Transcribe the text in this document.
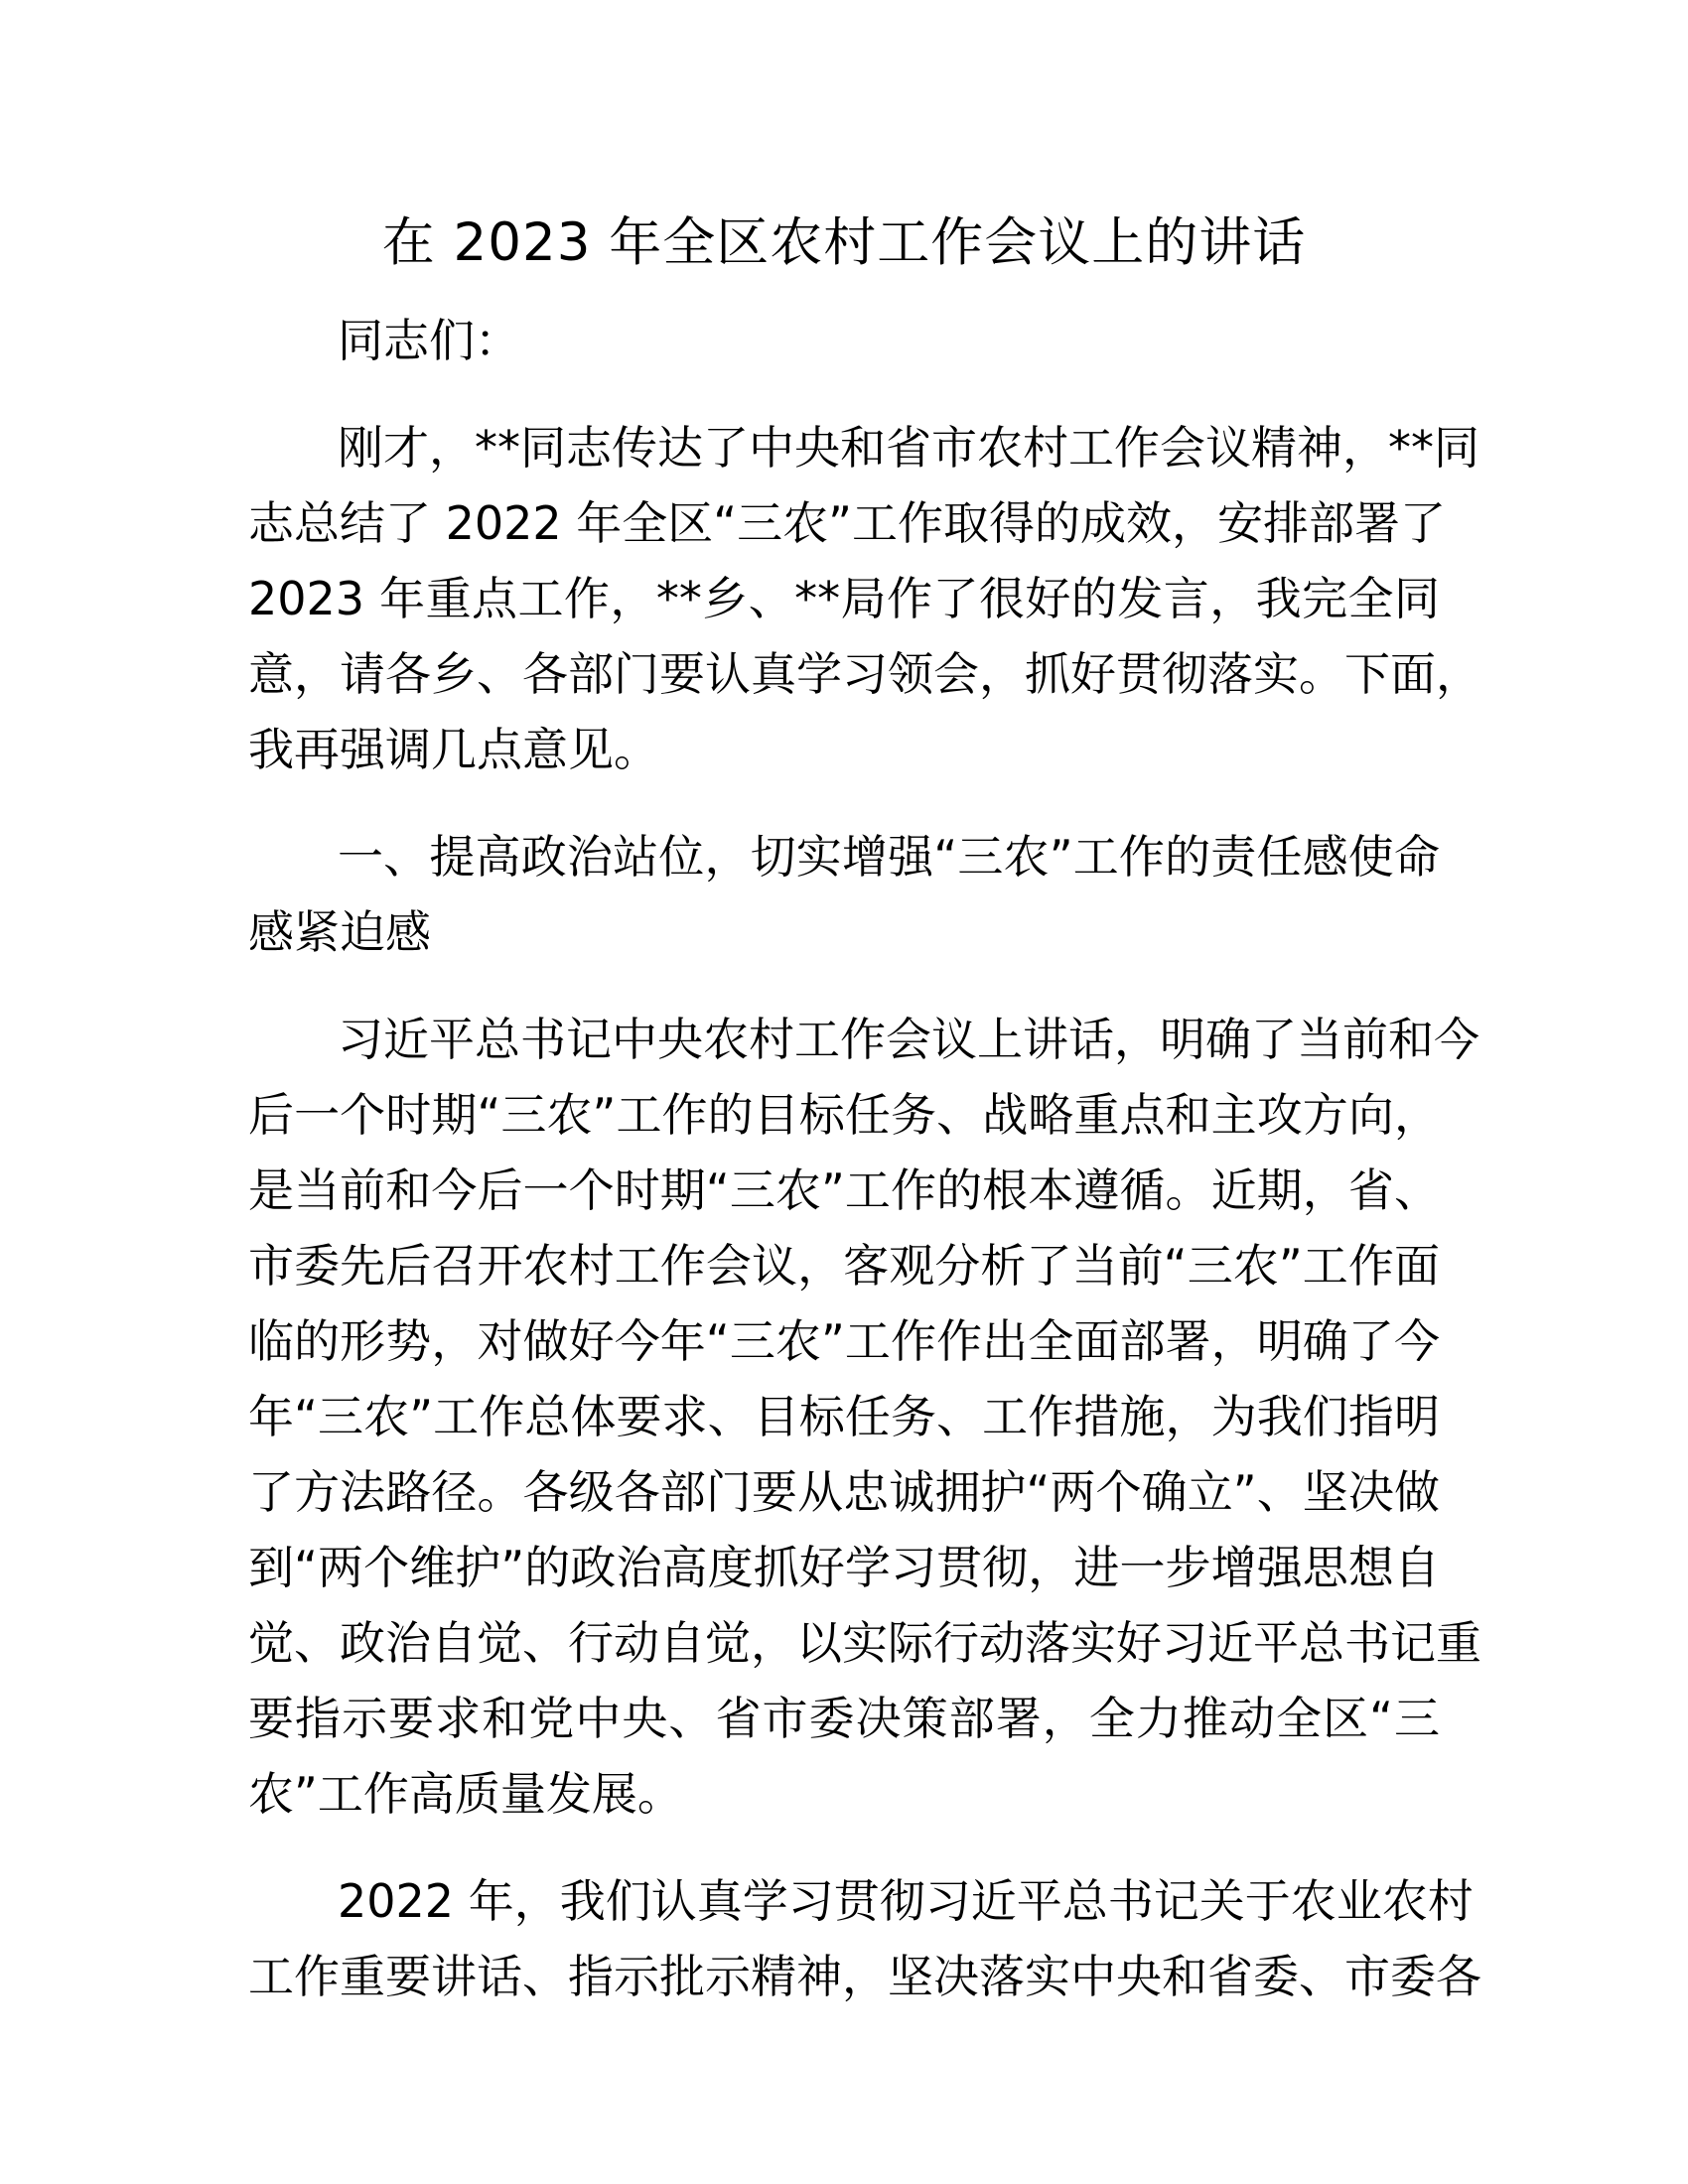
在 2023 年全区农村工作会议上的讲话
同志们：
刚才，**同志传达了中央和省市农村工作会议精神，**同
志总结了 2022 年全区“三农”工作取得的成效，安排部署了
2023 年重点工作，**乡、**局作了很好的发言，我完全同
意，请各乡、各部门要认真学习领会，抓好贯彻落实。下面，
我再强调几点意见。
一、提高政治站位，切实增强“三农”工作的责任感使命
感紧迫感
习近平总书记中央农村工作会议上讲话，明确了当前和今
后一个时期“三农”工作的目标任务、战略重点和主攻方向，
是当前和今后一个时期“三农”工作的根本遵循。近期，省、
市委先后召开农村工作会议，客观分析了当前“三农”工作面
临的形势，对做好今年“三农”工作作出全面部署，明确了今
年“三农”工作总体要求、目标任务、工作措施，为我们指明
了方法路径。各级各部门要从忠诚拥护“两个确立”、坚决做
到“两个维护”的政治高度抓好学习贯彻，进一步增强思想自
觉、政治自觉、行动自觉，以实际行动落实好习近平总书记重
要指示要求和党中央、省市委决策部署，全力推动全区“三
农”工作高质量发展。
2022 年，我们认真学习贯彻习近平总书记关于农业农村
工作重要讲话、指示批示精神，坚决落实中央和省委、市委各
